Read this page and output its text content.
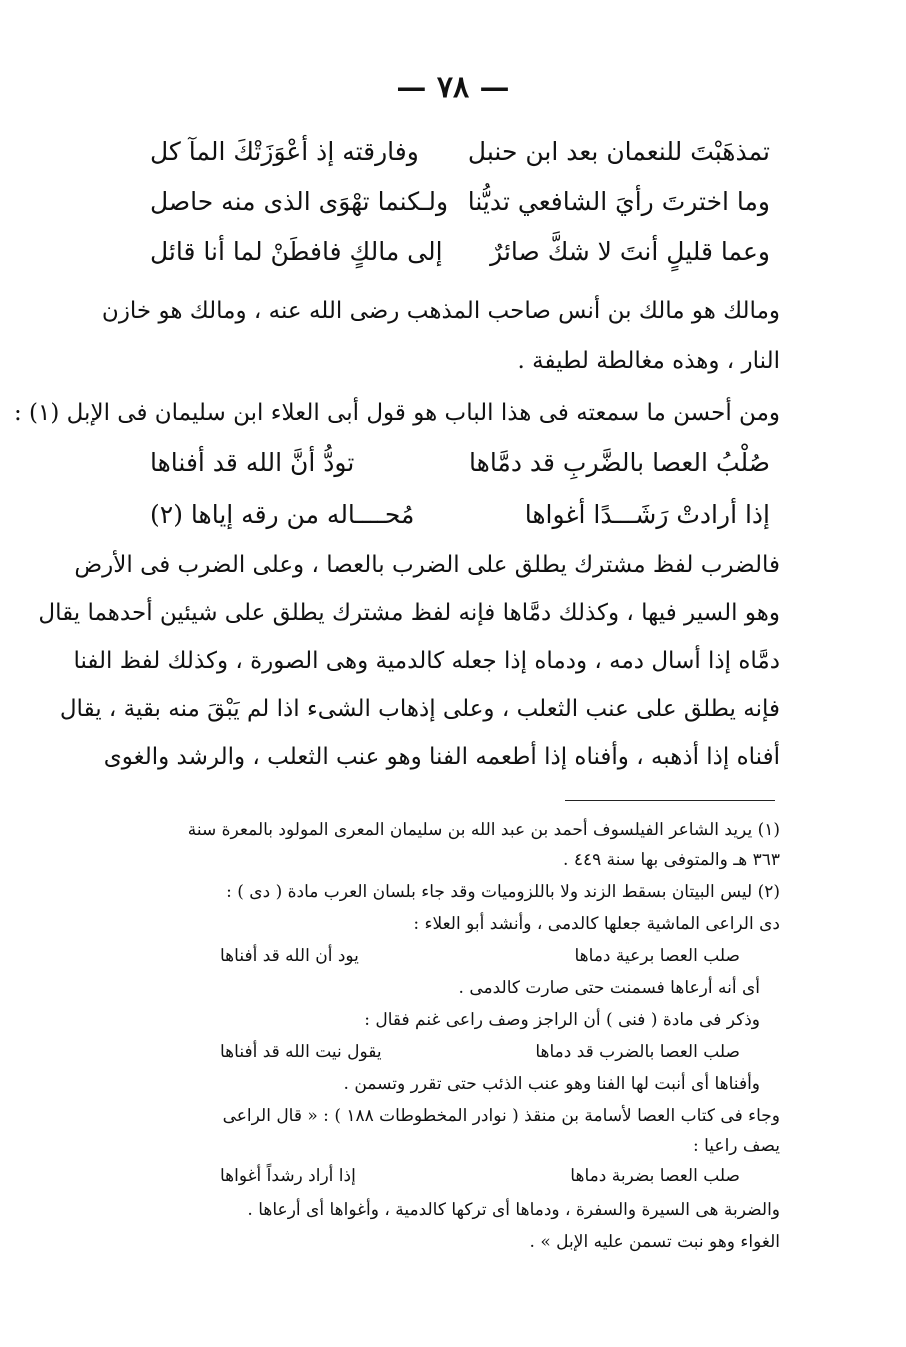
— ٧٨ —
تمذهَبْتَ للنعمان بعد ابن حنبل
وفارقته إذ أعْوَزَتْكَ المآ كل
وما اخترتَ رأيَ الشافعي تديُّنا
ولـكنما تهْوَى الذى منه حاصل
وعما قليلٍ أنتَ لا شكَّ صائرٌ
إلى مالكٍ فافطَنْ لما أنا قائل
ومالك هو مالك بن أنس صاحب المذهب رضى الله عنه ، ومالك هو خازن
النار ، وهذه مغالطة لطيفة .
ومن أحسن ما سمعته فى هذا الباب هو قول أبى العلاء ابن سليمان فى الإبل (١) :
صُلْبُ العصا بالضَّربِ قد دمَّاها
تودُّ أنَّ الله قد أفناها
إذا أرادتْ رَشَـــدًا أغواها
مُحــــاله من رقه إياها (٢)
فالضرب لفظ مشترك يطلق على الضرب بالعصا ، وعلى الضرب فى الأرض
وهو السير فيها ، وكذلك دمَّاها فإنه لفظ مشترك يطلق على شيئين أحدهما يقال
دمَّاه إذا أسال دمه ، ودماه إذا جعله كالدمية وهى الصورة ، وكذلك لفظ الفنا
فإنه يطلق على عنب الثعلب ، وعلى إذهاب الشىء اذا لم يَبْقَ منه بقية ، يقال
أفناه إذا أذهبه ، وأفناه إذا أطعمه الفنا وهو عنب الثعلب ، والرشد والغوى
(١) يريد الشاعر الفيلسوف أحمد بن عبد الله بن سليمان المعرى المولود بالمعرة سنة
٣٦٣ هـ والمتوفى بها سنة ٤٤٩ .
(٢) ليس البيتان بسقط الزند ولا باللزوميات وقد جاء بلسان العرب مادة ( دى ) :
دى الراعى الماشية جعلها كالدمى ، وأنشد أبو العلاء :
صلب العصا برعية دماها
يود أن الله قد أفناها
أى أنه أرعاها فسمنت حتى صارت كالدمى .
وذكر فى مادة ( فنى ) أن الراجز وصف راعى غنم فقال :
صلب العصا بالضرب قد دماها
يقول نيت الله قد أفناها
وأفناها أى أنبت لها الفنا وهو عنب الذئب حتى تقرر وتسمن .
وجاء فى كتاب العصا لأسامة بن منقذ ( نوادر المخطوطات ١٨٨ ) : « قال الراعى
يصف راعيا :
صلب العصا بضربة دماها
إذا أراد رشداً أغواها
والضربة هى السيرة والسفرة ، ودماها أى تركها كالدمية ، وأغواها أى أرعاها .
الغواء وهو نبت تسمن عليه الإبل » .
